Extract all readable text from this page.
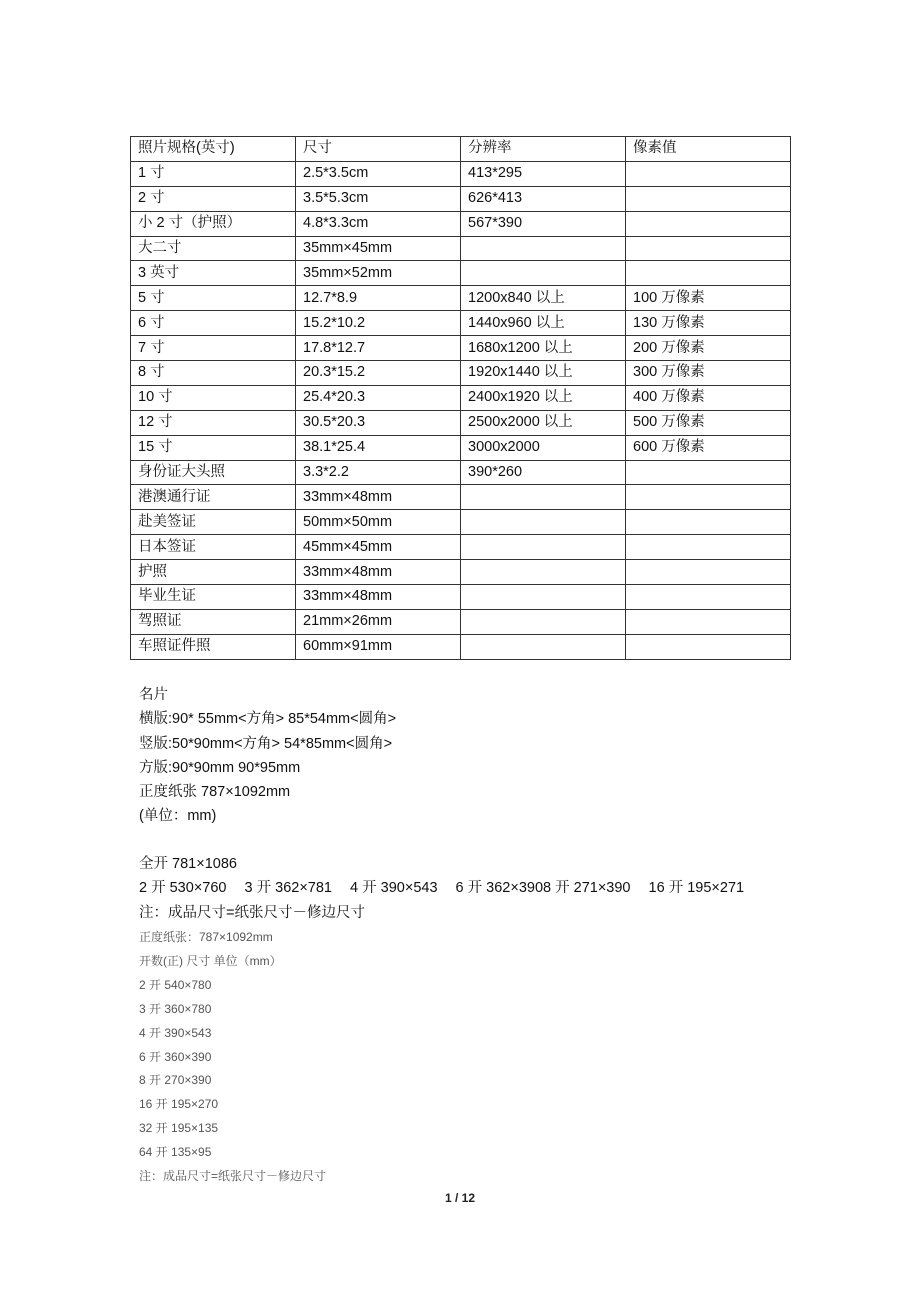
照片规格(英寸)	尺寸	分辨率	像素值
1 寸	2.5*3.5cm	413*295	
2 寸	3.5*5.3cm	626*413	
小 2 寸（护照）	4.8*3.3cm	567*390	
大二寸	35mm×45mm		
3 英寸	35mm×52mm		
5 寸	12.7*8.9	1200x840 以上	100 万像素
6 寸	15.2*10.2	1440x960 以上	130 万像素
7 寸	17.8*12.7	1680x1200 以上	200 万像素
8 寸	20.3*15.2	1920x1440 以上	300 万像素
10 寸	25.4*20.3	2400x1920 以上	400 万像素
12 寸	30.5*20.3	2500x2000 以上	500 万像素
15 寸	38.1*25.4	3000x2000	600 万像素
身份证大头照	3.3*2.2	390*260	
港澳通行证	33mm×48mm		
赴美签证	50mm×50mm		
日本签证	45mm×45mm		
护照	33mm×48mm		
毕业生证	33mm×48mm		
驾照证	21mm×26mm		
车照证件照	60mm×91mm		
名片
横版:90* 55mm<方角> 85*54mm<圆角>
竖版:50*90mm<方角> 54*85mm<圆角>
方版:90*90mm 90*95mm
正度纸张 787×1092mm
(单位：mm)
全开 781×1086
2 开 530×760 3 开 362×781 4 开 390×543 6 开 362×3908 开 271×390 16 开 195×271
注：成品尺寸=纸张尺寸－修边尺寸
正度纸张：787×1092mm
开数(正) 尺寸 单位（mm）
2 开 540×780
3 开 360×780
4 开 390×543
6 开 360×390
8 开 270×390
16 开 195×270
32 开 195×135
64 开 135×95
注：成品尺寸=纸张尺寸－修边尺寸
1 / 12
